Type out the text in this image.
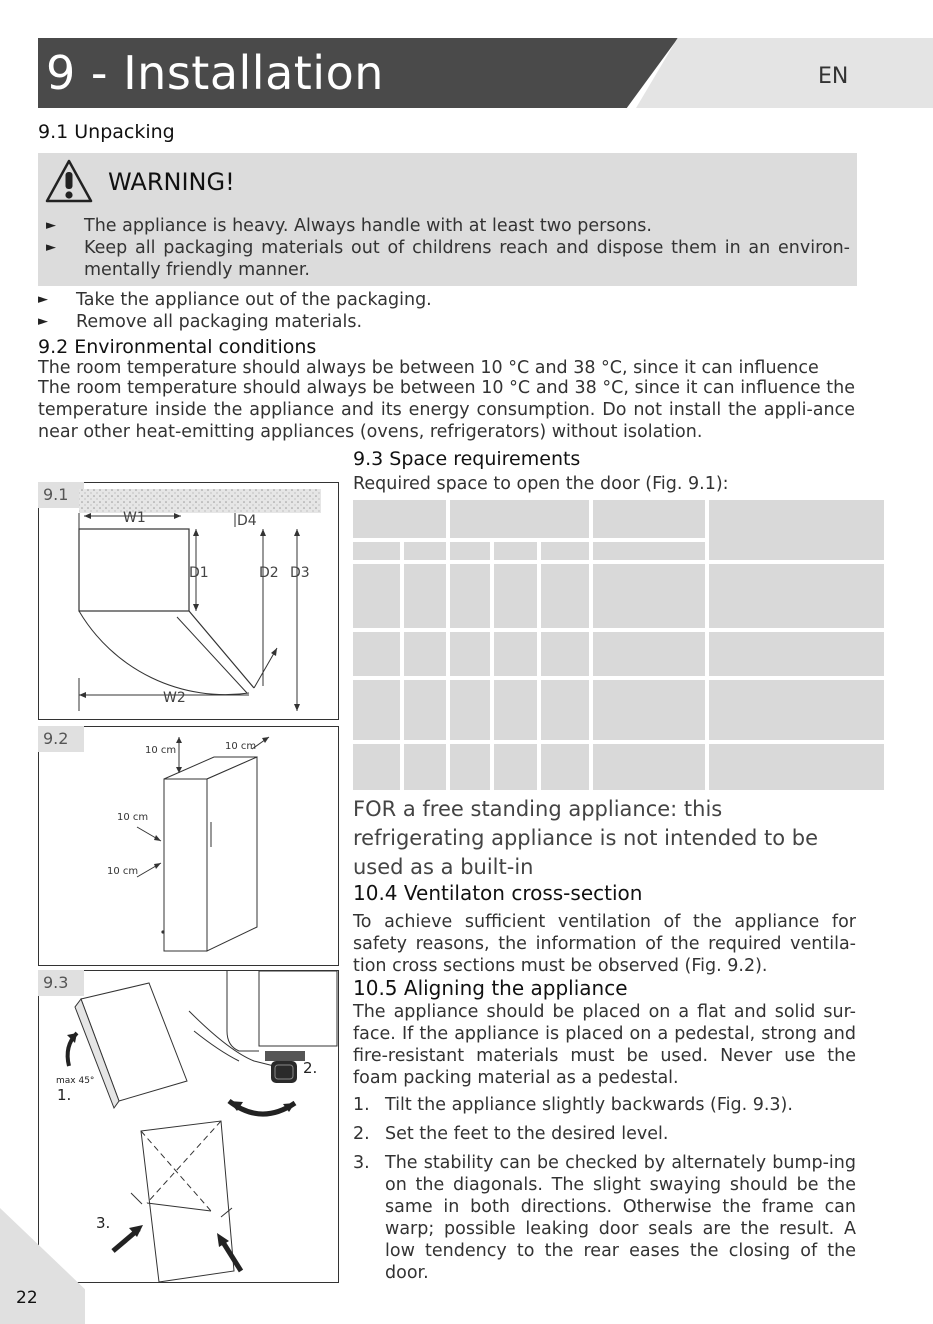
9 - Installation	EN
9.1 Unpacking
WARNING!
►	The appliance is heavy. Always handle with at least two persons.
►	Keep all packaging materials out of childrens reach and dispose them in an environ-mentally friendly manner.
►	Take the appliance out of the packaging.
►	Remove all packaging materials.
9.2 Environmental conditions
The room temperature should always be between 10 °C and 38 °C, since it can influence
The room temperature should always be between 10 °C and 38 °C, since it can influence the temperature inside the appliance and its energy consumption. Do not install the appli-ance near other heat-emitting appliances (ovens, refrigerators) without isolation.
9.1
W1	D4
D1	D2 D3
W2
9.2
10 cm	10 cm
10 cm
10 cm
9.3
max 45°
1.
2.
3.
9.3 Space requirements
Required space to open the door (Fig. 9.1):
FOR a free standing appliance: this refrigerating appliance is not intended to be used as a built-in
10.4 Ventilaton cross-section
To achieve sufficient ventilation of the appliance for safety reasons, the information of the required ventila-tion cross sections must be observed (Fig. 9.2).
10.5 Aligning the appliance
The appliance should be placed on a flat and solid sur-face. If the appliance is placed on a pedestal, strong and fire-resistant materials must be used. Never use the foam packing material as a pedestal.
1. Tilt the appliance slightly backwards (Fig. 9.3).
2. Set the feet to the desired level.
3. The stability can be checked by alternately bump-ing on the diagonals. The slight swaying should be the same in both directions. Otherwise the frame can warp; possible leaking door seals are the result. A low tendency to the rear eases the closing of the door.
22
